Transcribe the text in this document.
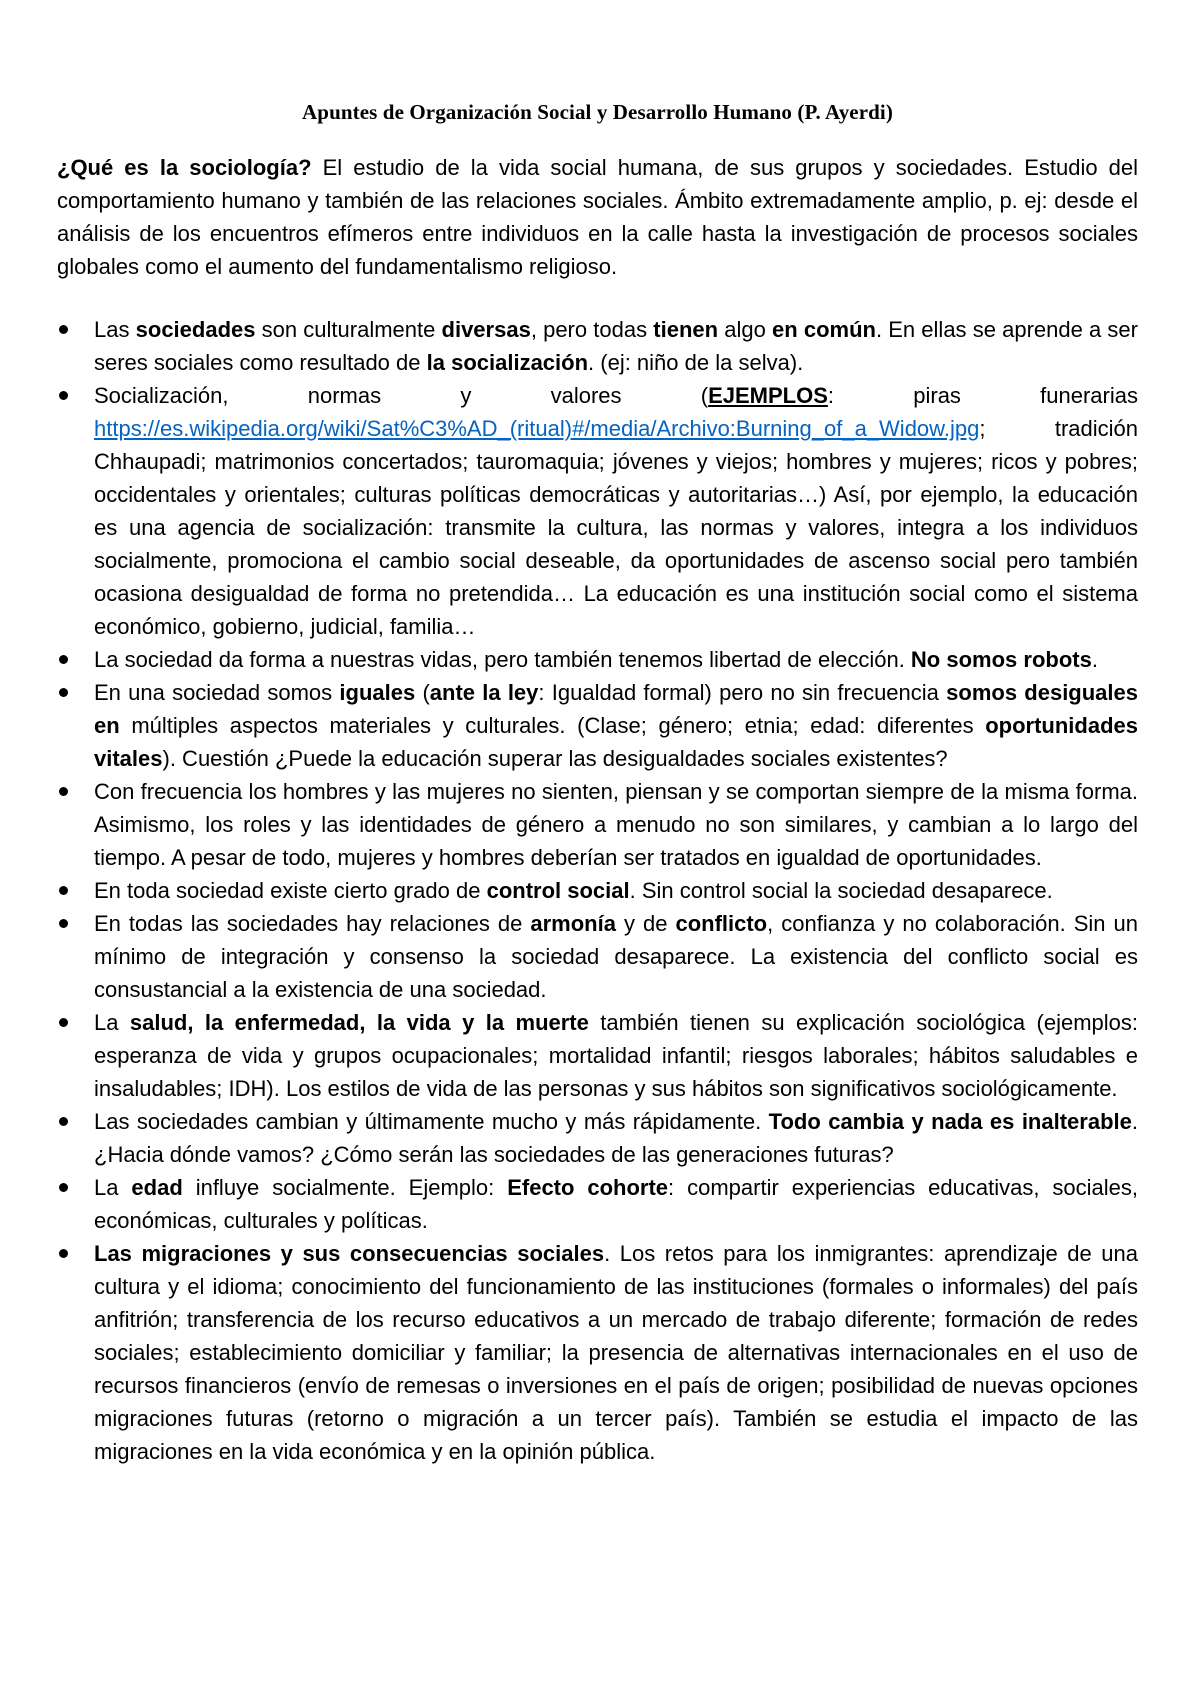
Apuntes de Organización Social y Desarrollo Humano (P. Ayerdi)

¿Qué es la sociología? El estudio de la vida social humana, de sus grupos y sociedades. Estudio del comportamiento humano y también de las relaciones sociales. Ámbito extremadamente amplio, p. ej: desde el análisis de los encuentros efímeros entre individuos en la calle hasta la investigación de procesos sociales globales como el aumento del fundamentalismo religioso.

Las sociedades son culturalmente diversas, pero todas tienen algo en común. En ellas se aprende a ser seres sociales como resultado de la socialización. (ej: niño de la selva).
Socialización, normas y valores (EJEMPLOS: piras funerarias https://es.wikipedia.org/wiki/Sat%C3%AD_(ritual)#/media/Archivo:Burning_of_a_Widow.jpg; tradición Chhaupadi; matrimonios concertados; tauromaquia; jóvenes y viejos; hombres y mujeres; ricos y pobres; occidentales y orientales; culturas políticas democráticas y autoritarias…) Así, por ejemplo, la educación es una agencia de socialización: transmite la cultura, las normas y valores, integra a los individuos socialmente, promociona el cambio social deseable, da oportunidades de ascenso social pero también ocasiona desigualdad de forma no pretendida… La educación es una institución social como el sistema económico, gobierno, judicial, familia…
La sociedad da forma a nuestras vidas, pero también tenemos libertad de elección. No somos robots.
En una sociedad somos iguales (ante la ley: Igualdad formal) pero no sin frecuencia somos desiguales en múltiples aspectos materiales y culturales. (Clase; género; etnia; edad: diferentes oportunidades vitales). Cuestión ¿Puede la educación superar las desigualdades sociales existentes?
Con frecuencia los hombres y las mujeres no sienten, piensan y se comportan siempre de la misma forma. Asimismo, los roles y las identidades de género a menudo no son similares, y cambian a lo largo del tiempo. A pesar de todo, mujeres y hombres deberían ser tratados en igualdad de oportunidades.
En toda sociedad existe cierto grado de control social. Sin control social la sociedad desaparece.
En todas las sociedades hay relaciones de armonía y de conflicto, confianza y no colaboración. Sin un mínimo de integración y consenso la sociedad desaparece. La existencia del conflicto social es consustancial a la existencia de una sociedad.
La salud, la enfermedad, la vida y la muerte también tienen su explicación sociológica (ejemplos: esperanza de vida y grupos ocupacionales; mortalidad infantil; riesgos laborales; hábitos saludables e insaludables; IDH). Los estilos de vida de las personas y sus hábitos son significativos sociológicamente.
Las sociedades cambian y últimamente mucho y más rápidamente. Todo cambia y nada es inalterable. ¿Hacia dónde vamos? ¿Cómo serán las sociedades de las generaciones futuras?
La edad influye socialmente. Ejemplo: Efecto cohorte: compartir experiencias educativas, sociales, económicas, culturales y políticas.
Las migraciones y sus consecuencias sociales. Los retos para los inmigrantes: aprendizaje de una cultura y el idioma; conocimiento del funcionamiento de las instituciones (formales o informales) del país anfitrión; transferencia de los recurso educativos a un mercado de trabajo diferente; formación de redes sociales; establecimiento domiciliar y familiar; la presencia de alternativas internacionales en el uso de recursos financieros (envío de remesas o inversiones en el país de origen; posibilidad de nuevas opciones migraciones futuras (retorno o migración a un tercer país). También se estudia el impacto de las migraciones en la vida económica y en la opinión pública.
